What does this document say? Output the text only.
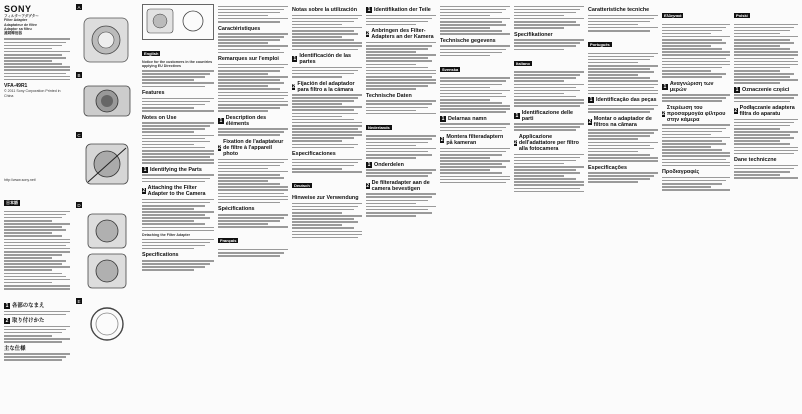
SONY
フィルターアダプター
Filter Adapter
Adaptateur de filtre
Adaptor sa filtru
濾鏡轉接器
VFA-49R1
© 2011 Sony Corporation Printed in China
http://www.sony.net/
日本語
A
B
C
D
E
English
Notice for the customers in the countries applying EU Directives
Features
Notes on Use
1 Identifying the Parts
2 Attaching the Filter Adapter to the Camera
Detaching the Filter Adapter
Specifications
Caractéristiques
Remarques sur l'emploi
1 Description des éléments
2
Fixation de l'adaptateur de filtre à l'appareil photo
Spécifications
Français
Notas sobre la utilización
1 Identificación de las partes
2 Fijación del adaptador para filtro a la cámara
Especificaciones
Deutsch
Hinweise zur Verwendung
1 Identifikation der Teile
2 Anbringen des Filter-Adapters an der Kamera
Technische Daten
Nederlands
1 Onderdelen
2 De filteradapter aan de camera bevestigen
Technische gegevens
Svenska
1 Delarnas namn
2 Montera filteradaptern på kameran
Specifikationer
Italiano
1 Identificazione delle parti
2
Applicazione dell'adattatore per filtro alla fotocamera
Caratteristiche tecniche
Português
1 Identificação das peças
2 Montar o adaptador de filtros na câmara
Especificações
Ελληνικά
1 Αναγνώριση των μερών
2
Στερέωση του προσαρμογέα φίλτρου στην κάμερα
Προδιαγραφές
Polski
1 Oznaczenie części
2 Podłączanie adaptera filtra do aparatu
Dane techniczne
1 各部のなまえ
2 取り付けかた
主な仕様
